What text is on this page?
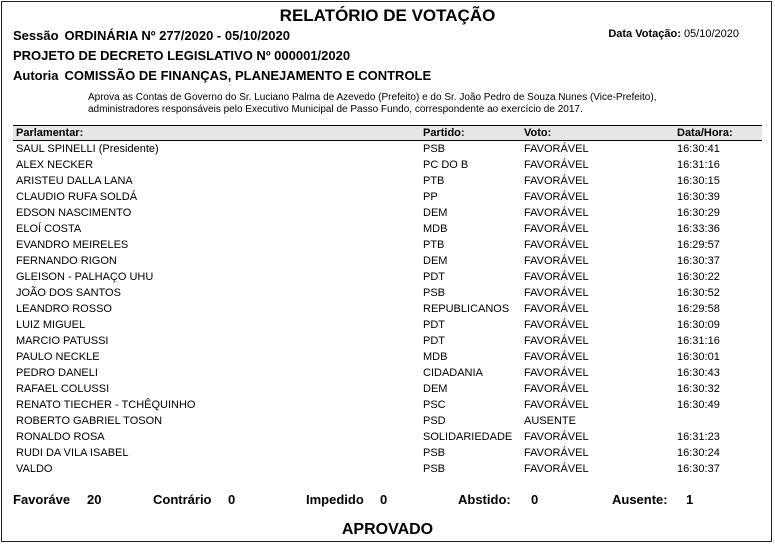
RELATÓRIO DE VOTAÇÃO
Sessão ORDINÁRIA Nº 277/2020 - 05/10/2020	Data Votação: 05/10/2020
PROJETO DE DECRETO LEGISLATIVO Nº 000001/2020
Autoria COMISSÃO DE FINANÇAS, PLANEJAMENTO E CONTROLE
Aprova as Contas de Governo do Sr. Luciano Palma de Azevedo (Prefeito) e do Sr. João Pedro de Souza Nunes (Vice-Prefeito), administradores responsáveis pelo Executivo Municipal de Passo Fundo, correspondente ao exercício de 2017.
Parlamentar:	Partido:	Voto:	Data/Hora:
SAUL SPINELLI (Presidente)	PSB	FAVORÁVEL	16:30:41
ALEX NECKER	PC DO B	FAVORÁVEL	16:31:16
ARISTEU DALLA LANA	PTB	FAVORÁVEL	16:30:15
CLAUDIO RUFA SOLDÁ	PP	FAVORÁVEL	16:30:39
EDSON NASCIMENTO	DEM	FAVORÁVEL	16:30:29
ELOÍ COSTA	MDB	FAVORÁVEL	16:33:36
EVANDRO MEIRELES	PTB	FAVORÁVEL	16:29:57
FERNANDO RIGON	DEM	FAVORÁVEL	16:30:37
GLEISON - PALHAÇO UHU	PDT	FAVORÁVEL	16:30:22
JOÃO DOS SANTOS	PSB	FAVORÁVEL	16:30:52
LEANDRO ROSSO	REPUBLICANOS	FAVORÁVEL	16:29:58
LUIZ MIGUEL	PDT	FAVORÁVEL	16:30:09
MARCIO PATUSSI	PDT	FAVORÁVEL	16:31:16
PAULO NECKLE	MDB	FAVORÁVEL	16:30:01
PEDRO DANELI	CIDADANIA	FAVORÁVEL	16:30:43
RAFAEL COLUSSI	DEM	FAVORÁVEL	16:30:32
RENATO TIECHER - TCHÊQUINHO	PSC	FAVORÁVEL	16:30:49
ROBERTO GABRIEL TOSON	PSD	AUSENTE	
RONALDO ROSA	SOLIDARIEDADE	FAVORÁVEL	16:31:23
RUDI DA VILA ISABEL	PSB	FAVORÁVEL	16:30:24
VALDO	PSB	FAVORÁVEL	16:30:37
Favoráve 20	Contrário 0	Impedido 0	Abstido: 0	Ausente: 1
APROVADO
